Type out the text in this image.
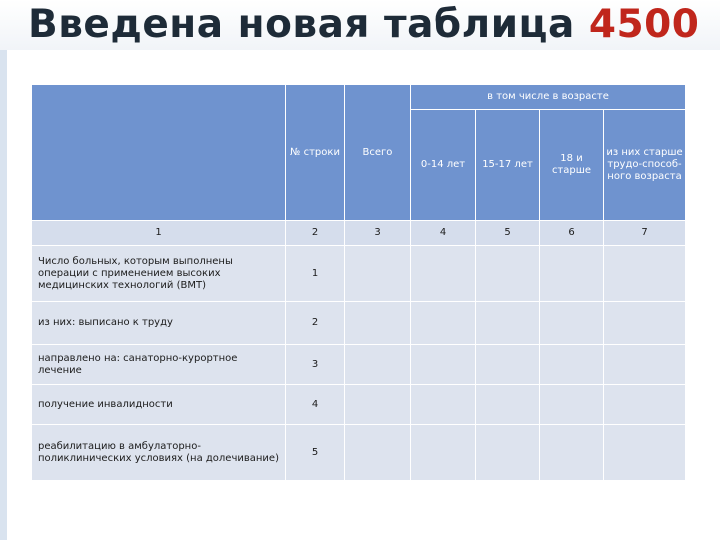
Введена новая таблица 4500
	№ строки	Всего	в том числе в возрасте			
			0-14 лет	15-17 лет	18 и старше	из них старше трудо-способ-ного возраста
1	2	3	4	5	6	7
Число больных, которым выполнены операции с применением высоких медицинских технологий (ВМТ)	1					
из них: выписано к труду	2					
направлено на: санаторно-курортное лечение	3					
получение инвалидности	4					
реабилитацию в амбулаторно-поликлинических условиях (на долечивание)	5					
